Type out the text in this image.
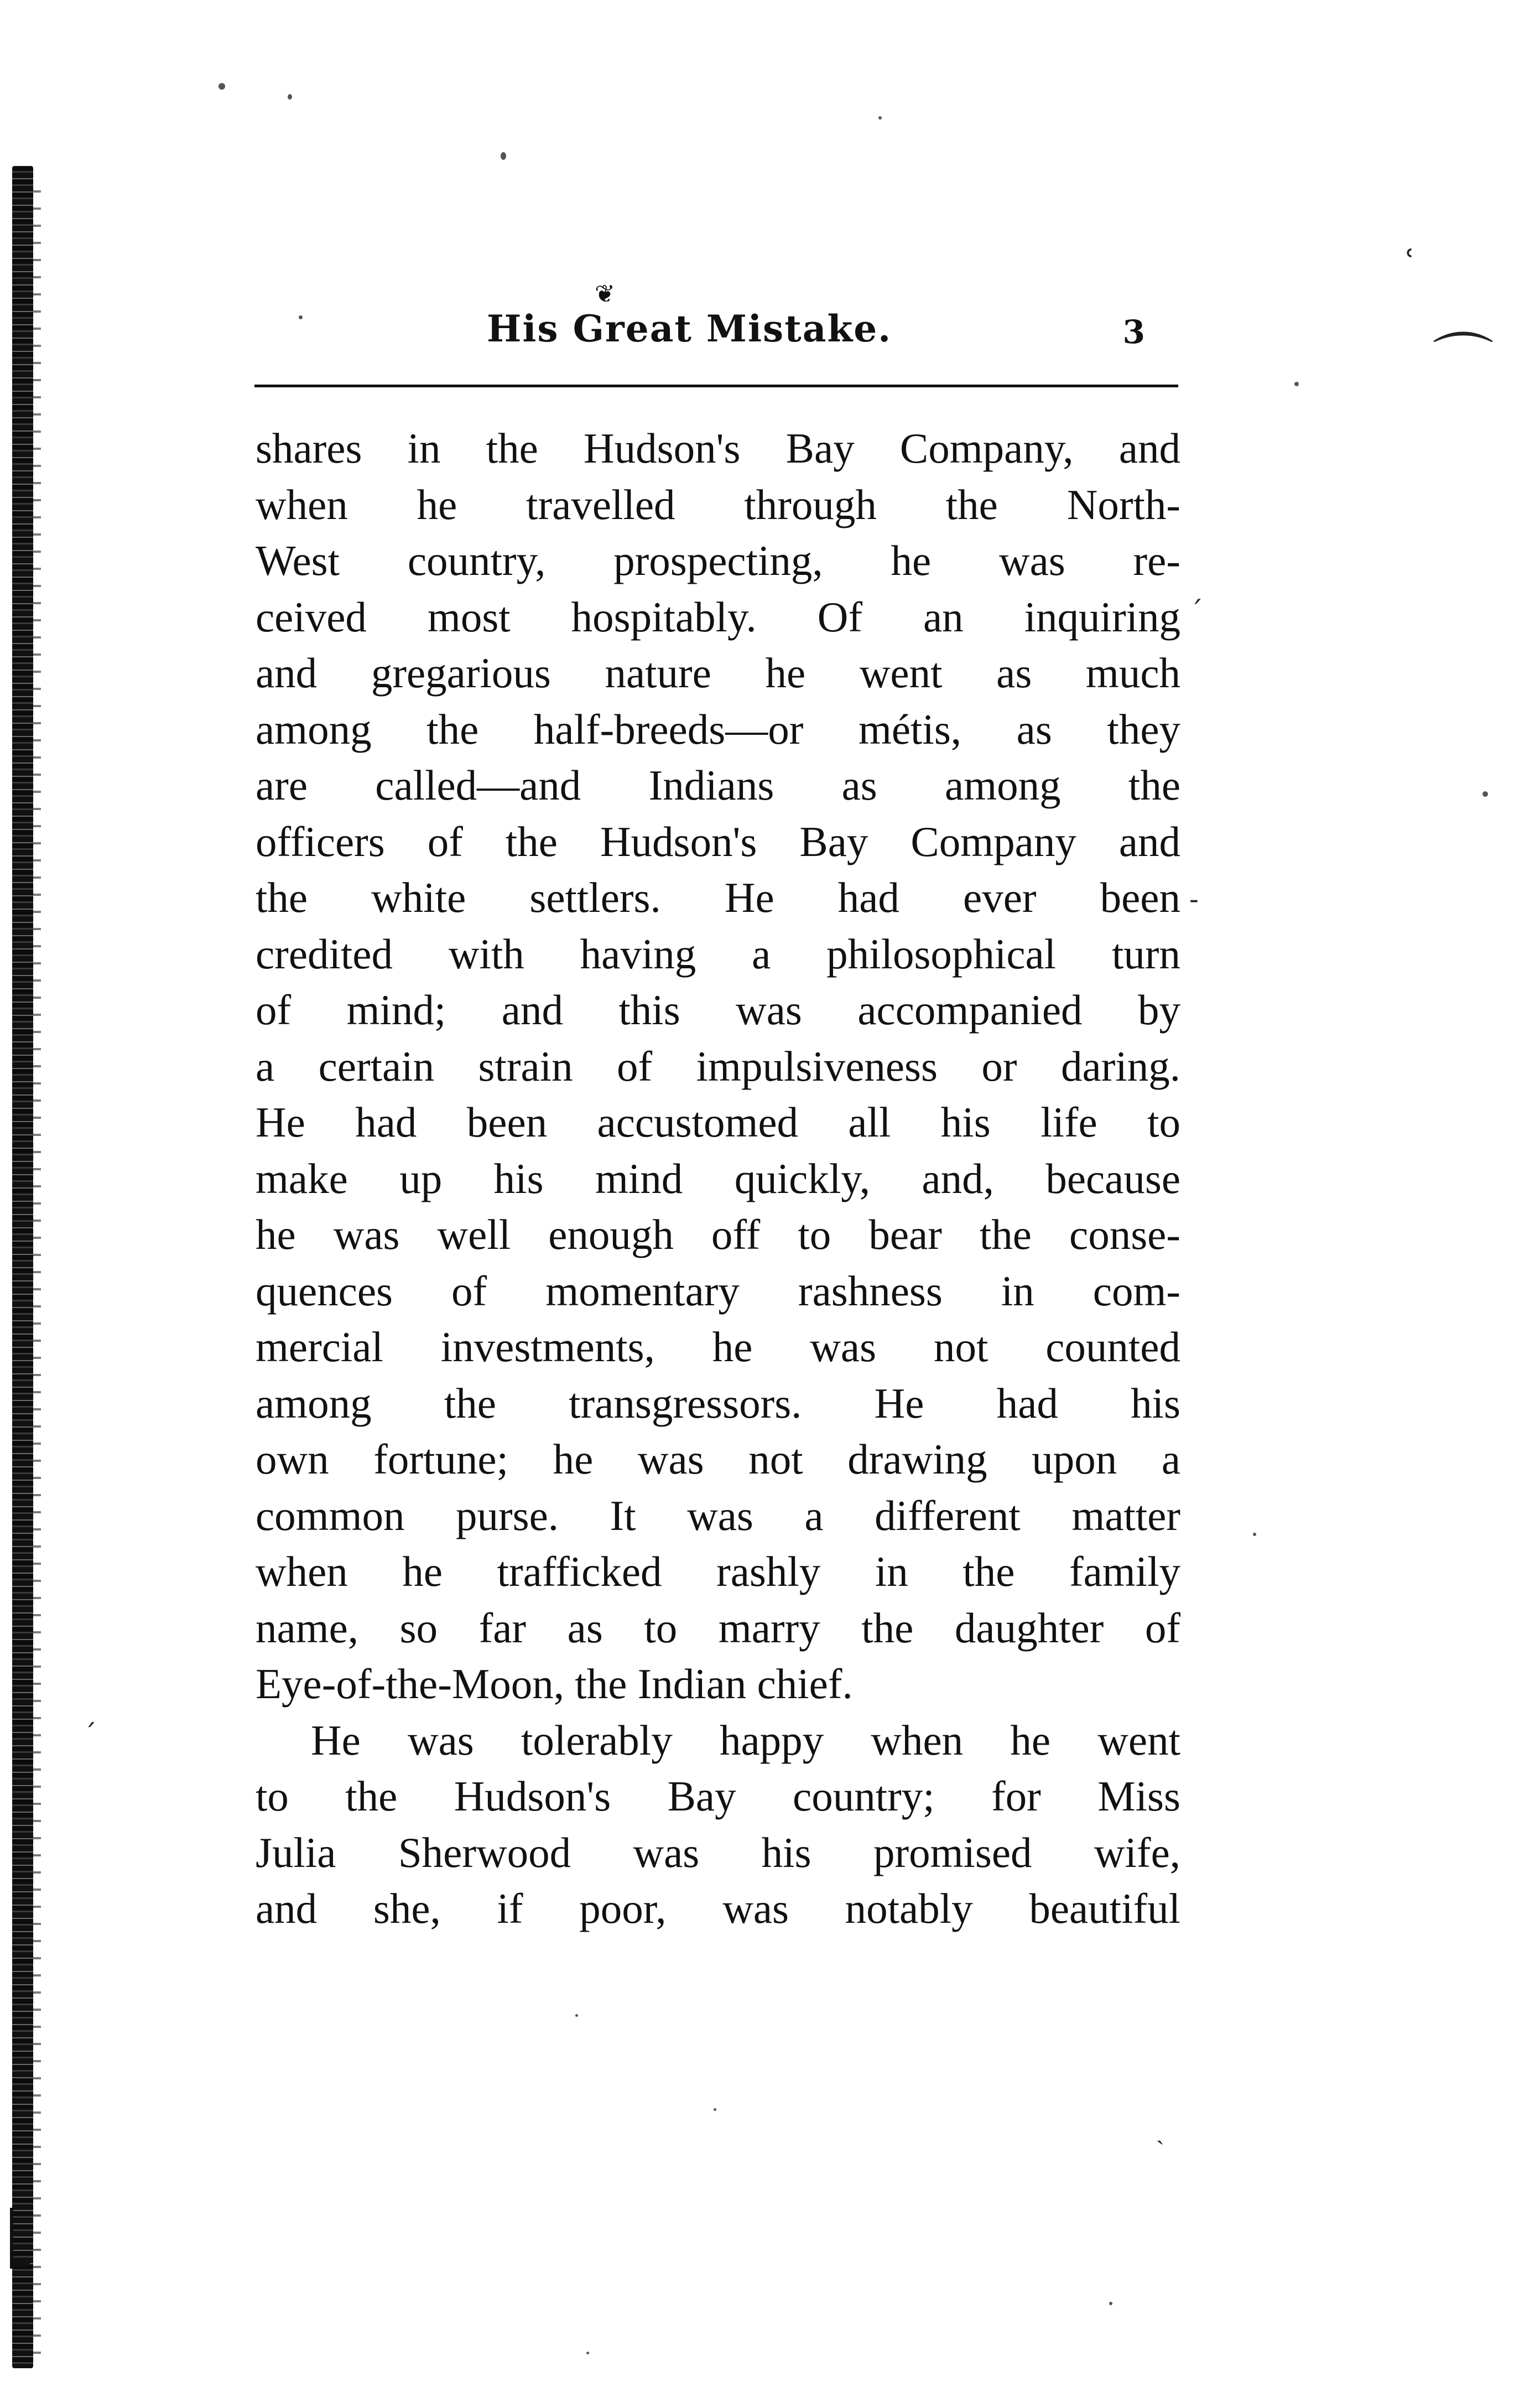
˓
⌒
´
-
ˊ
ˏ
❦
His Great Mistake.	3
shares in the Hudson's Bay Company, and
when he travelled through the North-
West country, prospecting, he was re-
ceived most hospitably. Of an inquiring
and gregarious nature he went as much
among the half-breeds—or métis, as they
are called—and Indians as among the
officers of the Hudson's Bay Company and
the white settlers. He had ever been
credited with having a philosophical turn
of mind; and this was accompanied by
a certain strain of impulsiveness or daring.
He had been accustomed all his life to
make up his mind quickly, and, because
he was well enough off to bear the conse-
quences of momentary rashness in com-
mercial investments, he was not counted
among the transgressors. He had his
own fortune; he was not drawing upon a
common purse. It was a different matter
when he trafficked rashly in the family
name, so far as to marry the daughter of
Eye-of-the-Moon, the Indian chief.
He was tolerably happy when he went
to the Hudson's Bay country; for Miss
Julia Sherwood was his promised wife,
and she, if poor, was notably beautiful
